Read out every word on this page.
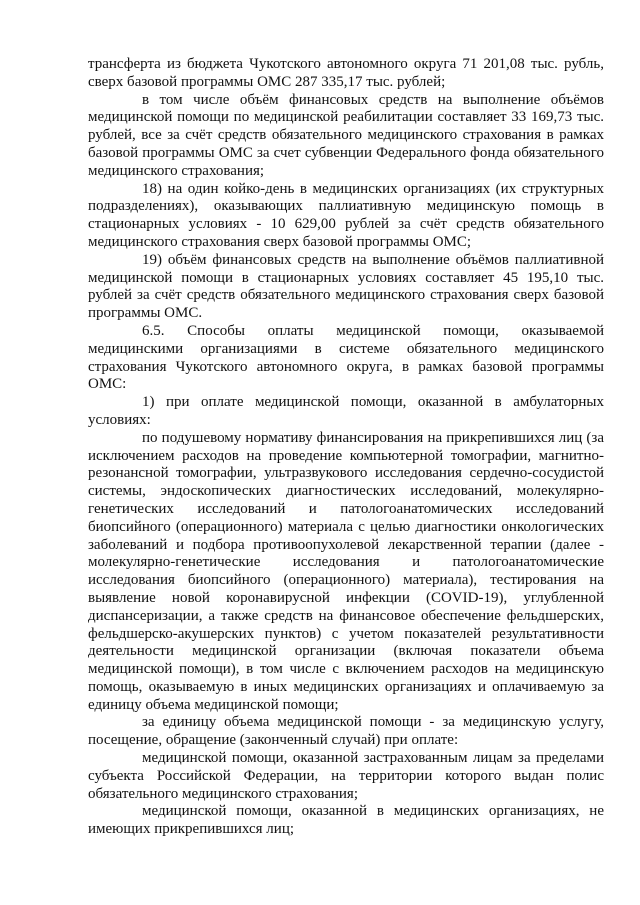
трансферта из бюджета Чукотского автономного округа 71 201,08 тыс. рубль, сверх базовой программы ОМС 287 335,17 тыс. рублей;

в том числе объём финансовых средств на выполнение объёмов медицинской помощи по медицинской реабилитации составляет 33 169,73 тыс. рублей, все за счёт средств обязательного медицинского страхования в рамках базовой программы ОМС за счет субвенции Федерального фонда обязательного медицинского страхования;

18) на один койко-день в медицинских организациях (их структурных подразделениях), оказывающих паллиативную медицинскую помощь в стационарных условиях - 10 629,00 рублей за счёт средств обязательного медицинского страхования сверх базовой программы ОМС;

19) объём финансовых средств на выполнение объёмов паллиативной медицинской помощи в стационарных условиях составляет 45 195,10 тыс. рублей за счёт средств обязательного медицинского страхования сверх базовой программы ОМС.

6.5. Способы оплаты медицинской помощи, оказываемой медицинскими организациями в системе обязательного медицинского страхования Чукотского автономного округа, в рамках базовой программы ОМС:

1) при оплате медицинской помощи, оказанной в амбулаторных условиях:

по подушевому нормативу финансирования на прикрепившихся лиц (за исключением расходов на проведение компьютерной томографии, магнитно-резонансной томографии, ультразвукового исследования сердечно-сосудистой системы, эндоскопических диагностических исследований, молекулярно-генетических исследований и патологоанатомических исследований биопсийного (операционного) материала с целью диагностики онкологических заболеваний и подбора противоопухолевой лекарственной терапии (далее - молекулярно-генетические исследования и патологоанатомические исследования биопсийного (операционного) материала), тестирования на выявление новой коронавирусной инфекции (COVID-19), углубленной диспансеризации, а также средств на финансовое обеспечение фельдшерских, фельдшерско-акушерских пунктов) с учетом показателей результативности деятельности медицинской организации (включая показатели объема медицинской помощи), в том числе с включением расходов на медицинскую помощь, оказываемую в иных медицинских организациях и оплачиваемую за единицу объема медицинской помощи;

за единицу объема медицинской помощи - за медицинскую услугу, посещение, обращение (законченный случай) при оплате:

медицинской помощи, оказанной застрахованным лицам за пределами субъекта Российской Федерации, на территории которого выдан полис обязательного медицинского страхования;

медицинской помощи, оказанной в медицинских организациях, не имеющих прикрепившихся лиц;
